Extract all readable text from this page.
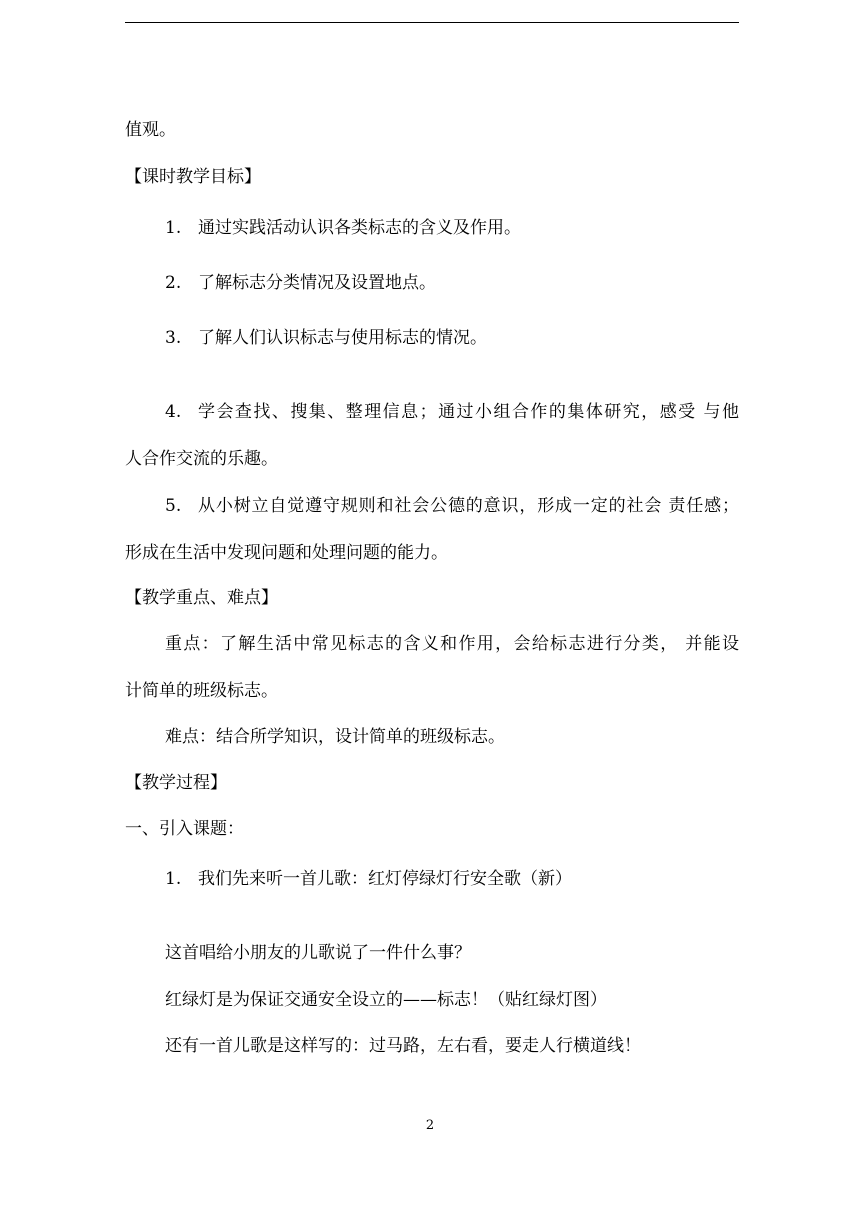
值观。
【课时教学目标】
1. 通过实践活动认识各类标志的含义及作用。
2. 了解标志分类情况及设置地点。
3. 了解人们认识标志与使用标志的情况。
4. 学会查找、搜集、整理信息；通过小组合作的集体研究，感受 与他
人合作交流的乐趣。
5. 从小树立自觉遵守规则和社会公德的意识，形成一定的社会 责任感；
形成在生活中发现问题和处理问题的能力。
【教学重点、难点】
重点：了解生活中常见标志的含义和作用，会给标志进行分类， 并能设
计简单的班级标志。
难点：结合所学知识，设计简单的班级标志。
【教学过程】
一、引入课题：
1. 我们先来听一首儿歌：红灯停绿灯行安全歌（新）
这首唱给小朋友的儿歌说了一件什么事？
红绿灯是为保证交通安全设立的——标志！（贴红绿灯图）
还有一首儿歌是这样写的：过马路，左右看，要走人行横道线！
2
